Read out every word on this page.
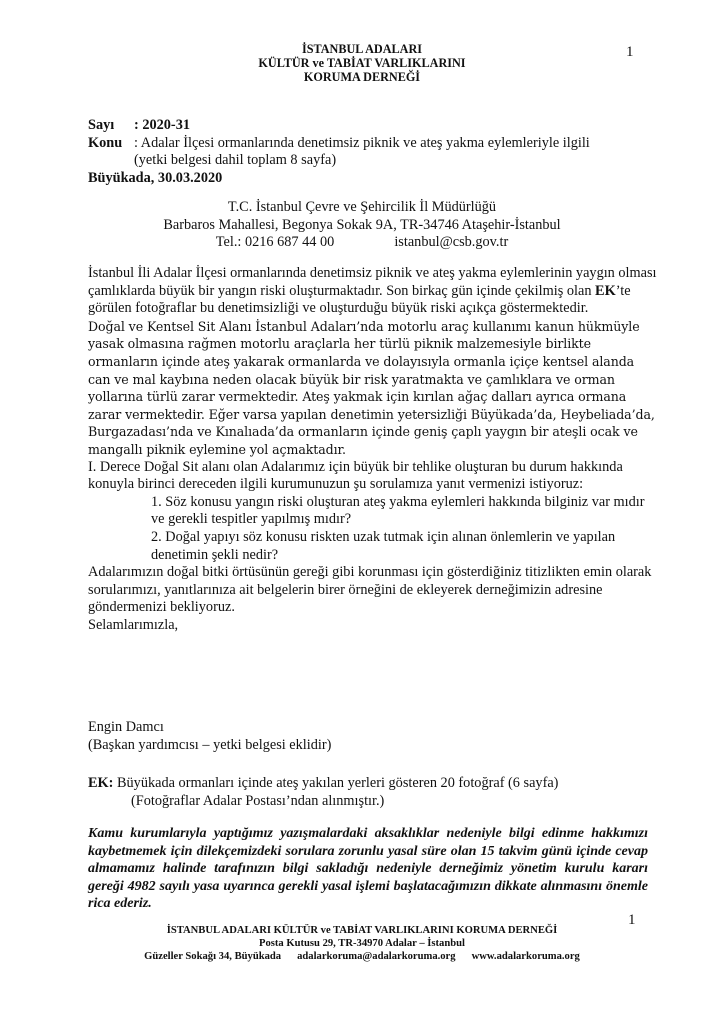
İSTANBUL ADALARI
KÜLTÜR ve TABİAT VARLIKLARINI
KORUMA DERNEĞİ
1
Sayı : 2020-31
Konu : Adalar İlçesi ormanlarında denetimsiz piknik ve ateş yakma eylemleriyle ilgili
(yetki belgesi dahil toplam 8 sayfa)
Büyükada, 30.03.2020
T.C. İstanbul Çevre ve Şehircilik İl Müdürlüğü
Barbaros Mahallesi, Begonya Sokak 9A, TR-34746 Ataşehir-İstanbul
Tel.: 0216 687 44 00	istanbul@csb.gov.tr

İstanbul İli Adalar İlçesi ormanlarında denetimsiz piknik ve ateş yakma eylemlerinin yaygın olması çamlıklarda büyük bir yangın riski oluşturmaktadır. Son birkaç gün içinde çekilmiş olan EK’te görülen fotoğraflar bu denetimsizliği ve oluşturduğu büyük riski açıkça göstermektedir.

Doğal ve Kentsel Sit Alanı İstanbul Adaları’nda motorlu araç kullanımı kanun hükmüyle yasak olmasına rağmen motorlu araçlarla her türlü piknik malzemesiyle birlikte ormanların içinde ateş yakarak ormanlarda ve dolayısıyla ormanla içiçe kentsel alanda can ve mal kaybına neden olacak büyük bir risk yaratmakta ve çamlıklara ve orman yollarına türlü zarar vermektedir. Ateş yakmak için kırılan ağaç dalları ayrıca ormana zarar vermektedir. Eğer varsa yapılan denetimin yetersizliği Büyükada’da, Heybeliada’da, Burgazadası’nda ve Kınalıada’da ormanların içinde geniş çaplı yaygın bir ateşli ocak ve mangallı piknik eylemine yol açmaktadır.

I. Derece Doğal Sit alanı olan Adalarımız için büyük bir tehlike oluşturan bu durum hakkında konuyla birinci dereceden ilgili kurumunuzun şu sorulamıza yanıt vermenizi istiyoruz:

1. Söz konusu yangın riski oluşturan ateş yakma eylemleri hakkında bilginiz var mıdır ve gerekli tespitler yapılmış mıdır?

2. Doğal yapıyı söz konusu riskten uzak tutmak için alınan önlemlerin ve yapılan denetimin şekli nedir?

Adalarımızın doğal bitki örtüsünün gereği gibi korunması için gösterdiğiniz titizlikten emin olarak sorularımızı, yanıtlarınıza ait belgelerin birer örneğini de ekleyerek derneğimizin adresine göndermenizi bekliyoruz.

Selamlarımızla,

Engin Damcı
(Başkan yardımcısı – yetki belgesi eklidir)
EK: Büyükada ormanları içinde ateş yakılan yerleri gösteren 20 fotoğraf (6 sayfa)
(Fotoğraflar Adalar Postası’ndan alınmıştır.)
Kamu kurumlarıyla yaptığımız yazışmalardaki aksaklıklar nedeniyle bilgi edinme hakkımızı kaybetmemek için dilekçemizdeki sorulara zorunlu yasal süre olan 15 takvim günü içinde cevap almamamız halinde tarafınızın bilgi sakladığı nedeniyle derneğimiz yönetim kurulu kararı gereği 4982 sayılı yasa uyarınca gerekli yasal işlemi başlatacağımızın dikkate alınmasını önemle rica ederiz.
1
İSTANBUL ADALARI KÜLTÜR ve TABİAT VARLIKLARINI KORUMA DERNEĞİ
Posta Kutusu 29, TR-34970 Adalar – İstanbul
Güzeller Sokağı 34, Büyükada adalarkoruma@adalarkoruma.org www.adalarkoruma.org
